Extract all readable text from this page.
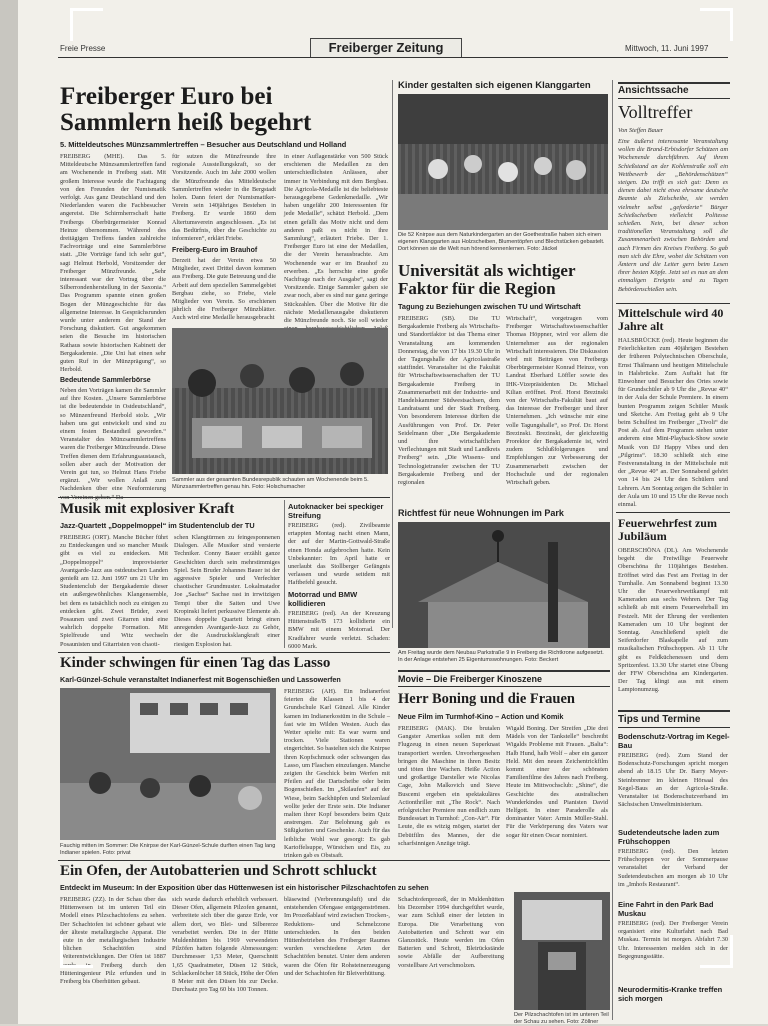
Freie Presse	Freiberger Zeitung	Mittwoch, 11. Juni 1997
Freiberger Euro bei
Sammlern heiß begehrt
5. Mitteldeutsches Münzsammlertreffen – Besucher aus Deutschland und Holland
FREIBERG (MHE). Das 5. Mitteldeutsche Münzsammlertreffen fand am Wochenende in Freiberg statt. Mit großem Interesse wurde die Fachtagung von den Freunden der Numismatik verfolgt. Aus ganz Deutschland und den Niederlanden waren die Fachbesucher angereist. Die Schirmherrschaft hatte Freibergs Oberbürgermeister Konrad Heinze übernommen. Während des dreitägigen Treffens fanden zahlreiche Fachvorträge und eine Sammlerbörse statt. „Die Vorträge fand ich sehr gut“, sagt Helmut Herbold, Vorsitzender der Freiberger Münzfreunde. „Sehr interessant war der Vortrag über die Silberrondenherstellung in der Saxonia.“ Das Programm spannte einen großen Bogen der Münzgeschichte für das allgemeine Interesse. In Gesprächsrunden wurde unter anderem der Stand der Forschung diskutiert. Gut angekommen seien die Besuche im historischen Rathaus sowie historischen Kabinett der Bergakademie. „Die Uni hat einen sehr guten Ruf in der Münzprägung“, so Herbold.
Bedeutende Sammlerbörse
Neben den Vorträgen kamen die Sammler auf ihre Kosten. „Unsere Sammlerbörse ist die bedeutendste in Ostdeutschland“, so Münzenfreund Herbold stolz. „Wir haben uns gut entwickelt und sind zu einem festen Bestandteil geworden.“ Veranstalter des Münzsammlertreffens waren die Freiberger Münzfreunde. Diese Treffen dienen dem Erfahrungsaustausch, sollen aber auch der Motivation der Verein gut tun, so Helmut Hans Friebe ergänzt. „Wir wollen Anlaß zum Nachdenken über eine Neuformierung von Vereinen geben.“ Da-
für sutzen die Münzfreunde ihre regionale Ausstellungskraft, so der Vorsitzende. Auch im Jahr 2000 wollen die Münzfreunde das Mitteldeutsche Sammlertreffen wieder in die Bergstadt holen. Dann feiert der Numismatiker-Verein sein 140jähriges Bestehen in Freiberg. Er wurde 1860 dem Altertumsverein angeschlossen. „Es ist das Bedürfnis, über die Geschichte zu informieren“, erklärt Friebe.
Freiberg-Euro im Brauhof
Derzeit hat der Verein etwa 50 Mitglieder, zwei Drittel davon kommen aus Freiberg. Die gute Betreuung und die Arbeit auf dem speziellen Sammelgebiet Bergbau ziehe, so Friebe, viele Mitglieder von Verein. So erschienen jährlich die Freiberger Münzblätter. Auch wird eine Medaille herausgebracht
in einer Auflagenstärke von 500 Stück erschienen die Medaillen zu den unterschiedlichsten Anlässen, aber immer in Verbindung mit dem Bergbau. Die Agricola-Medaille ist die beliebteste herausgegebene Gedenkmedaille. „Wir haben ungefähr 200 Interessenten für jede Medaille“, schätzt Herbold. „Dem einen gefällt das Motiv nicht und dem anderen paßt es nicht in ihre Sammlung“, erläutert Friebe. Der 1. Freiberger Euro ist eine der Medaillen, die der Verein herausbrachte. Am Wochenende war er im Brauhof zu erwerben. „Es herrschte eine große Nachfrage nach der Ausgabe“, sagt der Vorsitzende. Einige Sammler gaben sie zwar noch, aber es sind nur ganz geringe Stückzahlen. Über die Motive für die nächste Medaillenausgabe diskutieren die Münzfreunde noch. Sie soll wieder
Sammler aus der gesamten Bundesrepublik schauten am Wochenende beim 5. Münzsammlertreffen genau hin. Foto: Holschumacher
Kinder gestalten sich eigenen Klanggarten
Die 52 Knirpse aus dem Naturkindergarten an der Goethestraße haben sich einen eigenen Klanggarten aus Holzscheiben, Blumentöpfen und Blechstücken gebastelt. Dort können sie die Welt nun hörend kennenlernen. Foto: Jäckel
Universität als wichtiger
Faktor für die Region
Tagung zu Beziehungen zwischen TU und Wirtschaft
FREIBERG (SB). Die TU Bergakademie Freiberg als Wirtschafts- und Standortfaktor ist das Thema einer Veranstaltung am kommenden Donnerstag, die von 17 bis 19.30 Uhr in der Tagungshalle der Agricolastraße stattfindet. Veranstalter ist die Fakultät für Wirtschaftswissenschaften der TU Bergakademie Freiberg in Zusammenarbeit mit der Industrie- und Handelskammer Südwestsachsen, dem Landratsamt und der Stadt Freiberg. Von besonderem Interesse dürften die Ausführungen von Prof. Dr. Peter Seidelmann über „Die Bergakademie und ihre wirtschaftlichen Verflechtungen mit Stadt und Landkreis Freiberg“ sein. „Die Wissens- und Technologietransfer zwischen der TU Bergakademie Freiberg und der regionalen
Wirtschaft“, vorgetragen vom Freiberger Wirtschaftswissenschaftler Thomas Höppner, wird vor allem die Unternehmer aus der regionalen Wirtschaft interessieren. Die Diskussion wird mit Beiträgen von Freibergs Oberbürgermeister Konrad Heinze, von Landrat Eberhard Löffler sowie des IHK-Vizepräsidenten Dr. Michael Kilian eröffnet. Prof. Horst Brezinski von der Wirtschafts-Fakultät baut auf das Interesse der Freiberger und ihrer Unternehmen. „Ich wünsche mir eine volle Tagungshalle“, so Prof. Dr. Horst Brezinski. Brezinski, der gleichzeitig Prorektor der Bergakademie ist, wird zudem Schlußfolgerungen und Empfehlungen zur Verbesserung der Zusammenarbeit zwischen der Hochschule und der regionalen Wirtschaft geben.
Richtfest für neue Wohnungen im Park
Am Freitag wurde dem Neubau Parkstraße 9 in Freiberg die Richtkrone aufgesetzt. In der Anlage entstehen 25 Eigentumswohnungen. Foto: Beckert
Musik mit explosiver Kraft
Jazz-Quartett „Doppelmoppel“ im Studentenclub der TU
FREIBERG (ORT). Manche Bücher führt zu Entdeckungen und so mancher Musik gibt es viel zu entdecken. Mit „Doppelmoppel“ improvisierter Avantgarde-Jazz aus ostdeutschen Landen genießt am 12. Juni 1997 um 21 Uhr im Studentenclub der Bergakademie dieser ein außergewöhnliches Klangensemble, bei dem es tatsächlich noch zu einigen zu entdecken gibt. Zwei Brüder, zwei Posaunen und zwei Gitarren sind eine wahrlich doppelte Formation. Mit Spielfreude und Witz wechseln Posaunisten und Gitarristen von chaoti-
schen Klangtürmen zu feingesponnenen Dialogen. Alle Musiker sind versierte Techniker. Conny Bauer erzählt ganze Geschichten durch sein mehrstimmiges Spiel. Sein Bruder Johannes Bauer ist der aggressive Spieler und Verfechter chaotischer Grundmuster. Lokalmatador Joe „Sachse“ Sachse rast in irrwitzigen Tempi über die Saiten und Uwe Kropinski liefert perkussive Elemente ab. Dieses doppelte Quartett bringt einen anregenden Avantgarde-Jazz zu Gehör, der die Ausdrucksklangkraft einer riesigen Explosion hat.
Autoknacker bei speckiger Streifung
FREIBERG (red). Zivilbeamte ertappten Montag nacht einen Mann, der auf der Martin-Gottwald-Straße einen Honda aufgebrochen hatte. Kein Unbekannter: Im April hatte er unerlaubt das Stollberger Gefängnis verlassen und wurde seitdem mit Haftbefehl gesucht.
Motorrad und BMW kollidieren
FREIBERG (red). An der Kreuzung Hüttenstraße/B 173 kollidierte ein BMW mit einem Motorrad. Der Kradfahrer wurde verletzt. Schaden: 6000 Mark.
Kinder schwingen für einen Tag das Lasso
Karl-Günzel-Schule veranstaltet Indianerfest mit Bogenschießen und Lassowerfen
Fauchig mitten im Sommer: Die Knirpse der Karl-Günzel-Schule durften einen Tag lang Indianer spielen. Foto: privat
FREIBERG (AH). Ein Indianerfest feierten die Klassen 1 bis 4 der Grundschule Karl Günzel. Alle Kinder kamen im Indianerkostüm in die Schule – fast wie im Wilden Westen. Auch das Wetter spielte mit: Es war warm und trocken. Viele Stationen waren eingerichtet. So bastelten sich die Knirpse ihren Kopfschmuck oder schwangen das Lasso, um Flaschen einzufangen. Manche zeigten ihr Geschick beim Werfen mit Pfeilen auf die Dartscheibe oder beim Bogenschießen. Im „Skilaufen“ auf der Wiese, beim Sackhüpfen und Stelzenlauf wollte jeder der Erste sein. Die Indianer malten ihrer Kopf besonders beim Quiz anstrengen. Zur Belohnung gab es Süßigkeiten und Geschenke. Auch für das leibliche Wohl war gesorgt: Es gab Kartoffelsuppe, Würstchen und Eis, zu trinken gab es Obstsaft.
Movie – Die Freiberger Kinoszene
Herr Boning und die Frauen
Neue Film im Turmhof-Kino – Action und Komik
FREIBERG (MAK). Die brutalen Gangster Amerikas sollen mit dem Flugzeug in einen neuen Superknast transportiert werden. Unvorhergesehen bringen die Maschine in ihren Besitz und töten ihre Wachen. Heiße Action und großartige Darsteller wie Nicolas Cage, John Malkovich und Steve Buscemi ergeben ein spektakuläres Actionthriller mit „The Rock“. Nach erfolgreicher Premiere nun endlich zum Bundesstart in Turmhof: „Con-Air“. Für Leute, die es witzig mögen, startet der Debütfilm des Mannes, der die scharfsinnigen Anzüge trägt.
Wigald Boning. Der Streifen „Die drei Mädels von der Tankstelle“ beschreibt Wigalds Probleme mit Frauen. „Balta“: Halb Hund, halb Wolf – aber ein ganzer Held. Mit den neuen Zeichentrickfilm kommt einer der schönsten Familienfilme des Jahres nach Freiberg. Heute im Mittwochsclub: „Shine“, die Geschichte des australischen Wunderkindes und Pianisten David Helfgott. In einer Paraderolle als dominanter Vater: Armin Müller-Stahl. Für die Verkörperung des Vaters war sogar für einen Oscar nominiert.
Ein Ofen, der Autobatterien und Schrott schluckt
Entdeckt im Museum: In der Exposition über das Hüttenwesen ist ein historischer Pilzschachtofen zu sehen
FREIBERG (ZZ). In der Schau über das Hüttenwesen ist im unteren Teil ein Modell eines Pilzschachtofens zu sehen. Der Schachtofen ist schöner gebaut wie der älteste metallurgische Apparat. Die heute in der metallurgischen Industrie üblichen Schachtöfen sind Weiterentwicklungen. Der Ofen ist 1887 wurde in Freiberg durch den Hütteningenieur Pilz erfunden und in Freiberg bis Oberhütten gebaut.
sich wurde dadurch erheblich verbessert. Dieser Ofen, allgemein Pilzofen genannt, verbreitete sich über die ganze Erde, vor allem dort, wo Blei- und Silbererze verarbeitet werden. Die in der Hütte Muldenhütten bis 1969 verwendeten Pilzöfen hatten folgende Abmessungen: Durchmesser 1,53 Meter, Querschnitt 1,65 Quadratmeter, Düsen 12 Stück, Schlackenlöcher 18 Stück, Höhe der Öfen 8 Meter mit den Düsen bis zur Decke. Durchsatz pro Tag 60 bis 100 Tonnen.
bläsewind (Verbrennungsluft) und die entstehenden Ofengase entgegenströmen. Im Prozeßablauf wird zwischen Trocken-, Reduktions- und Schmelzzone unterschieden. In den beiden Hüttenbetrieben des Freiberger Raumes wurden verschiedene Arten der Schachtöfen benutzt. Unter dem anderen waren die Öfen für Rohsteinerzeugung und der Schachtofen für Bleiverhüttung.
Schachtofenprozeß, der in Muldenhütten bis Dezember 1994 durchgeführt wurde, war zum Schluß einer der letzten in Europa. Die Verarbeitung von Autobatterien und Schrott war ein Glanzstück. Heute werden im Ofen Batterien und Schrott, Bleirückstände sowie Abfälle der Aufbereitung vorstellbare Art verschmolzen.
Der Pilzschachtofen ist im unteren Teil der Schau zu sehen. Foto: Zöllner
Ansichtssache
Volltreffer
Von Steffen Bauer
Eine äußerst interessante Veranstaltung wollen die Brand-Erbisdorfer Schützen am Wochenende durchführen. Auf ihrem Schießstand an der Kohlenstraße soll ein Wettbewerb der „Behördenschützen“ steigen. Da trifft es sich gut: Denn es dienen dabei nicht etwa ehrsame deutsche Beamte als Zielscheibe, sie werden vielmehr selbst „geforderte“ Bürger Schießscheiben vielleicht Politesse schießen. Nein, bei dieser schon traditionellen Veranstaltung soll die Zusammenarbeit zwischen Behörden und auch Firmen des Kreises Freiberg. So gab man sich die Ehre, wobei die Schützen von Ämtern und die Leiter gern beim Lesen ihrer besten Köpfe. Jetzt sei es nun an dem einmaligen Ereignis und zu Tagen Behördenschießen sein.
Mittelschule wird 40 Jahre alt
HALSBRÜCKE (red). Heute beginnen die Feierlichkeiten zum 40jährigen Bestehen der früheren Polytechnischen Oberschule, Ernst Thälmann und heutigen Mittelschule in Halsbrücke. Zum Auftakt hat für Einwohner und Besucher des Ortes sowie für Grundschüler ab 9 Uhr die „Revue 40“ in der Aula der Schule Premiere. In einem bunten Programm zeigen Schüler Musik und Sketche. Am Freitag geht ab 9 Uhr beim Schulfest im Freiberger „Tivoli“ die Post ab. Auf dem Programm stehen unter anderem eine Mini-Playback-Show sowie Musik von DJ Happy Vibes und den „Pilgrims“. 18.30 schließt sich eine Festveranstaltung in der Mittelschule mit der „Revue 40“ an. Der Sonnabend gehört von 14 bis 24 Uhr den Schülern und Lehrern. Am Sonntag zeigen die Schüler in der Aula um 10 und 15 Uhr die Revue noch einmal.
Feuerwehrfest zum Jubiläum
OBERSCHÖNA (DL). Am Wochenende begeht die Freiwillige Feuerwehr Oberschöna ihr 110jähriges Bestehen. Eröffnet wird das Fest am Freitag in der Turnhalle. Am Sonnabend beginnt 13.30 Uhr die Feuerwehrwettkampf mit Kameraden aus sechs Wehren. Der Tag schließt ab mit einem Feuerwehrball im Festzelt. Mit der Ehrung der verdienten Kameraden um 10 Uhr beginnt der Sonntag. Anschließend spielt die Seiferdorfer Blaskapelle auf zum musikalischen Frühschoppen. Ab 11 Uhr gibt es Feldküchenessen und dem Spritzenfest. 13.30 Uhr startet eine Übung der FFW Oberschöna am Kindergarten. Der Tag klingt aus mit einem Lampionumzug.
Tips und Termine
Bodenschutz-Vortrag im Kegel-Bau
FREIBERG (red). Zum Stand der Bodenschutz-Forschungen spricht morgen abend ab 18.15 Uhr Dr. Barry Meyer-Steinbrenner im kleinen Hörsaal des Kegel-Baus an der Agricola-Straße. Veranstalter ist Bodenschutzverband im Sächsischen Umweltministerium.
Sudetendeutsche laden zum Frühschoppen
FREIBERG (red). Den letzten Frühschoppen vor der Sommerpause veranstaltet der Verband der Sudetendeutschen am morgen ab 10 Uhr im „Imhofs Restaurant“.
Eine Fahrt in den Park Bad Muskau
FREIBERG (red). Der Freiberger Verein organisiert eine Kulturfahrt nach Bad Muskau. Termin ist morgen. Abfahrt 7.30 Uhr. Interessenten melden sich in der Begegnungsstätte.
Neurodermitis-Kranke treffen sich morgen
